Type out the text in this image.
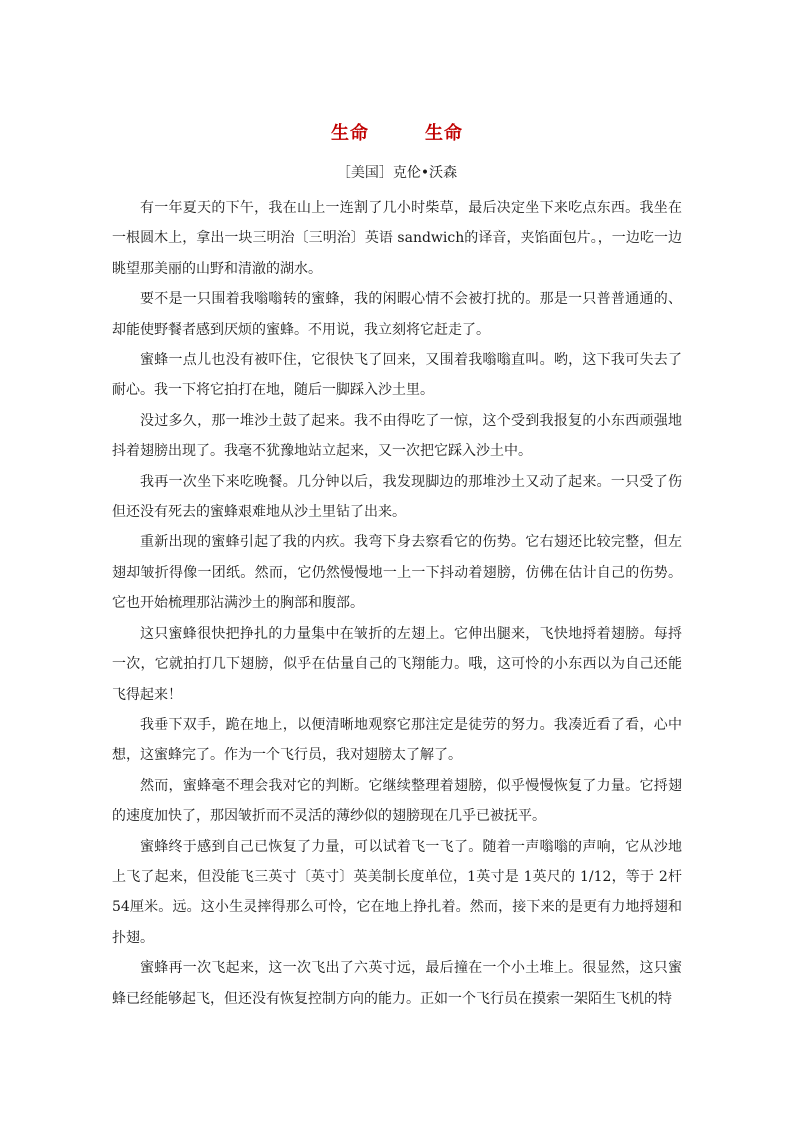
生命	生命
［美国］克伦•沃森

有一年夏天的下午，我在山上一连割了几小时柴草，最后决定坐下来吃点东西。我坐在一根圆木上，拿出一块三明治〔三明治〕英语 sandwich的译音，夹馅面包片。，一边吃一边眺望那美丽的山野和清澈的湖水。

要不是一只围着我嗡嗡转的蜜蜂，我的闲暇心情不会被打扰的。那是一只普普通通的、却能使野餐者感到厌烦的蜜蜂。不用说，我立刻将它赶走了。

蜜蜂一点儿也没有被吓住，它很快飞了回来，又围着我嗡嗡直叫。哟，这下我可失去了耐心。我一下将它拍打在地，随后一脚踩入沙土里。

没过多久，那一堆沙土鼓了起来。我不由得吃了一惊，这个受到我报复的小东西顽强地抖着翅膀出现了。我毫不犹豫地站立起来，又一次把它踩入沙土中。

我再一次坐下来吃晚餐。几分钟以后，我发现脚边的那堆沙土又动了起来。一只受了伤但还没有死去的蜜蜂艰难地从沙土里钻了出来。

重新出现的蜜蜂引起了我的内疚。我弯下身去察看它的伤势。它右翅还比较完整，但左翅却皱折得像一团纸。然而，它仍然慢慢地一上一下抖动着翅膀，仿佛在估计自己的伤势。它也开始梳理那沾满沙土的胸部和腹部。

这只蜜蜂很快把挣扎的力量集中在皱折的左翅上。它伸出腿来，飞快地捋着翅膀。每捋一次，它就拍打几下翅膀，似乎在估量自己的飞翔能力。哦，这可怜的小东西以为自己还能飞得起来！

我垂下双手，跪在地上，以便清晰地观察它那注定是徒劳的努力。我凑近看了看，心中想，这蜜蜂完了。作为一个飞行员，我对翅膀太了解了。

然而，蜜蜂毫不理会我对它的判断。它继续整理着翅膀，似乎慢慢恢复了力量。它捋翅的速度加快了，那因皱折而不灵活的薄纱似的翅膀现在几乎已被抚平。

蜜蜂终于感到自己已恢复了力量，可以试着飞一飞了。随着一声嗡嗡的声响，它从沙地上飞了起来，但没能飞三英寸〔英寸〕英美制长度单位，1英寸是 1英尺的 1/12，等于 2杆54厘米。远。这小生灵摔得那么可怜，它在地上挣扎着。然而，接下来的是更有力地捋翅和扑翅。

蜜蜂再一次飞起来，这一次飞出了六英寸远，最后撞在一个小土堆上。很显然，这只蜜蜂已经能够起飞，但还没有恢复控制方向的能力。正如一个飞行员在摸索一架陌生飞机的特
